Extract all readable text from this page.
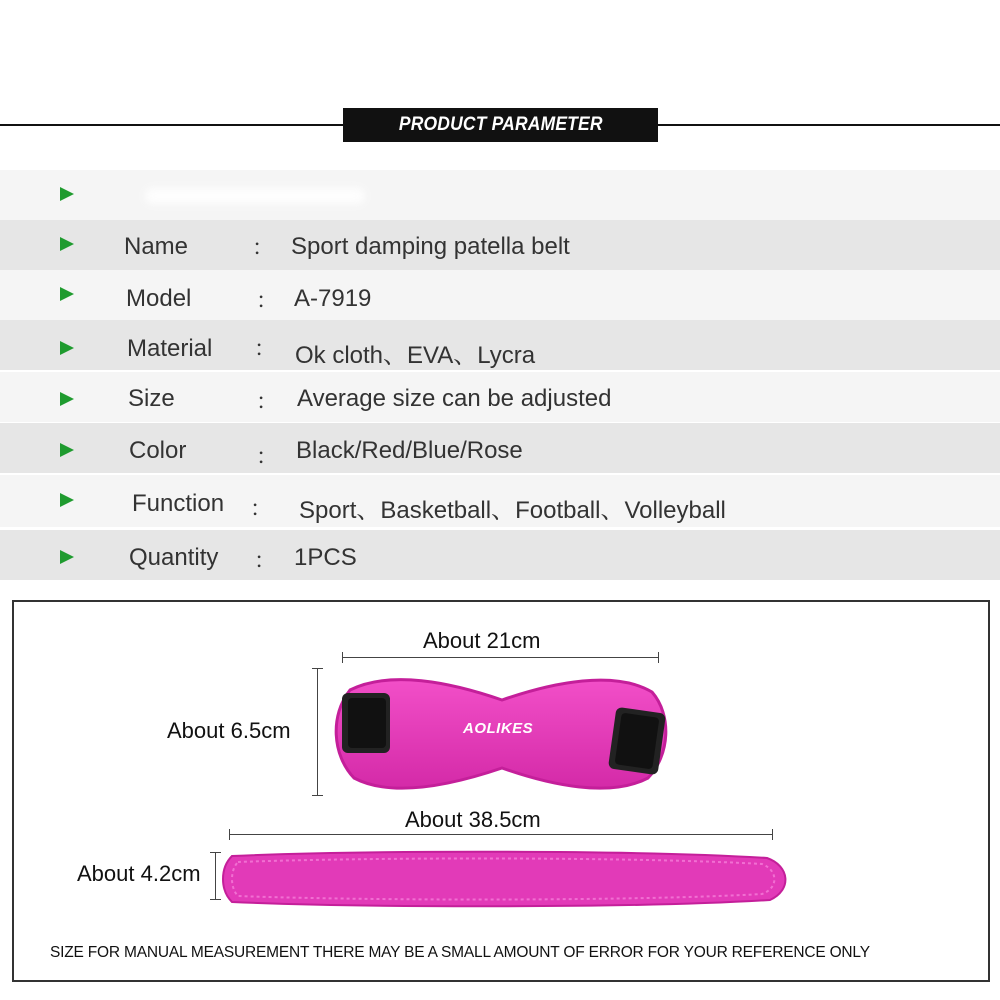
PRODUCT PARAMETER
Name	： Sport damping patella belt
Model	： A-7919
Material ： Ok cloth、EVA、Lycra
Size	： Average size can be adjusted
Color	： Black/Red/Blue/Rose
Function ： Sport、Basketball、Football、Volleyball
Quantity ： 1PCS
About 21cm
About 6.5cm	AOLIKES
About 38.5cm
About 4.2cm
SIZE FOR MANUAL MEASUREMENT THERE MAY BE A SMALL AMOUNT OF ERROR FOR YOUR REFERENCE ONLY
